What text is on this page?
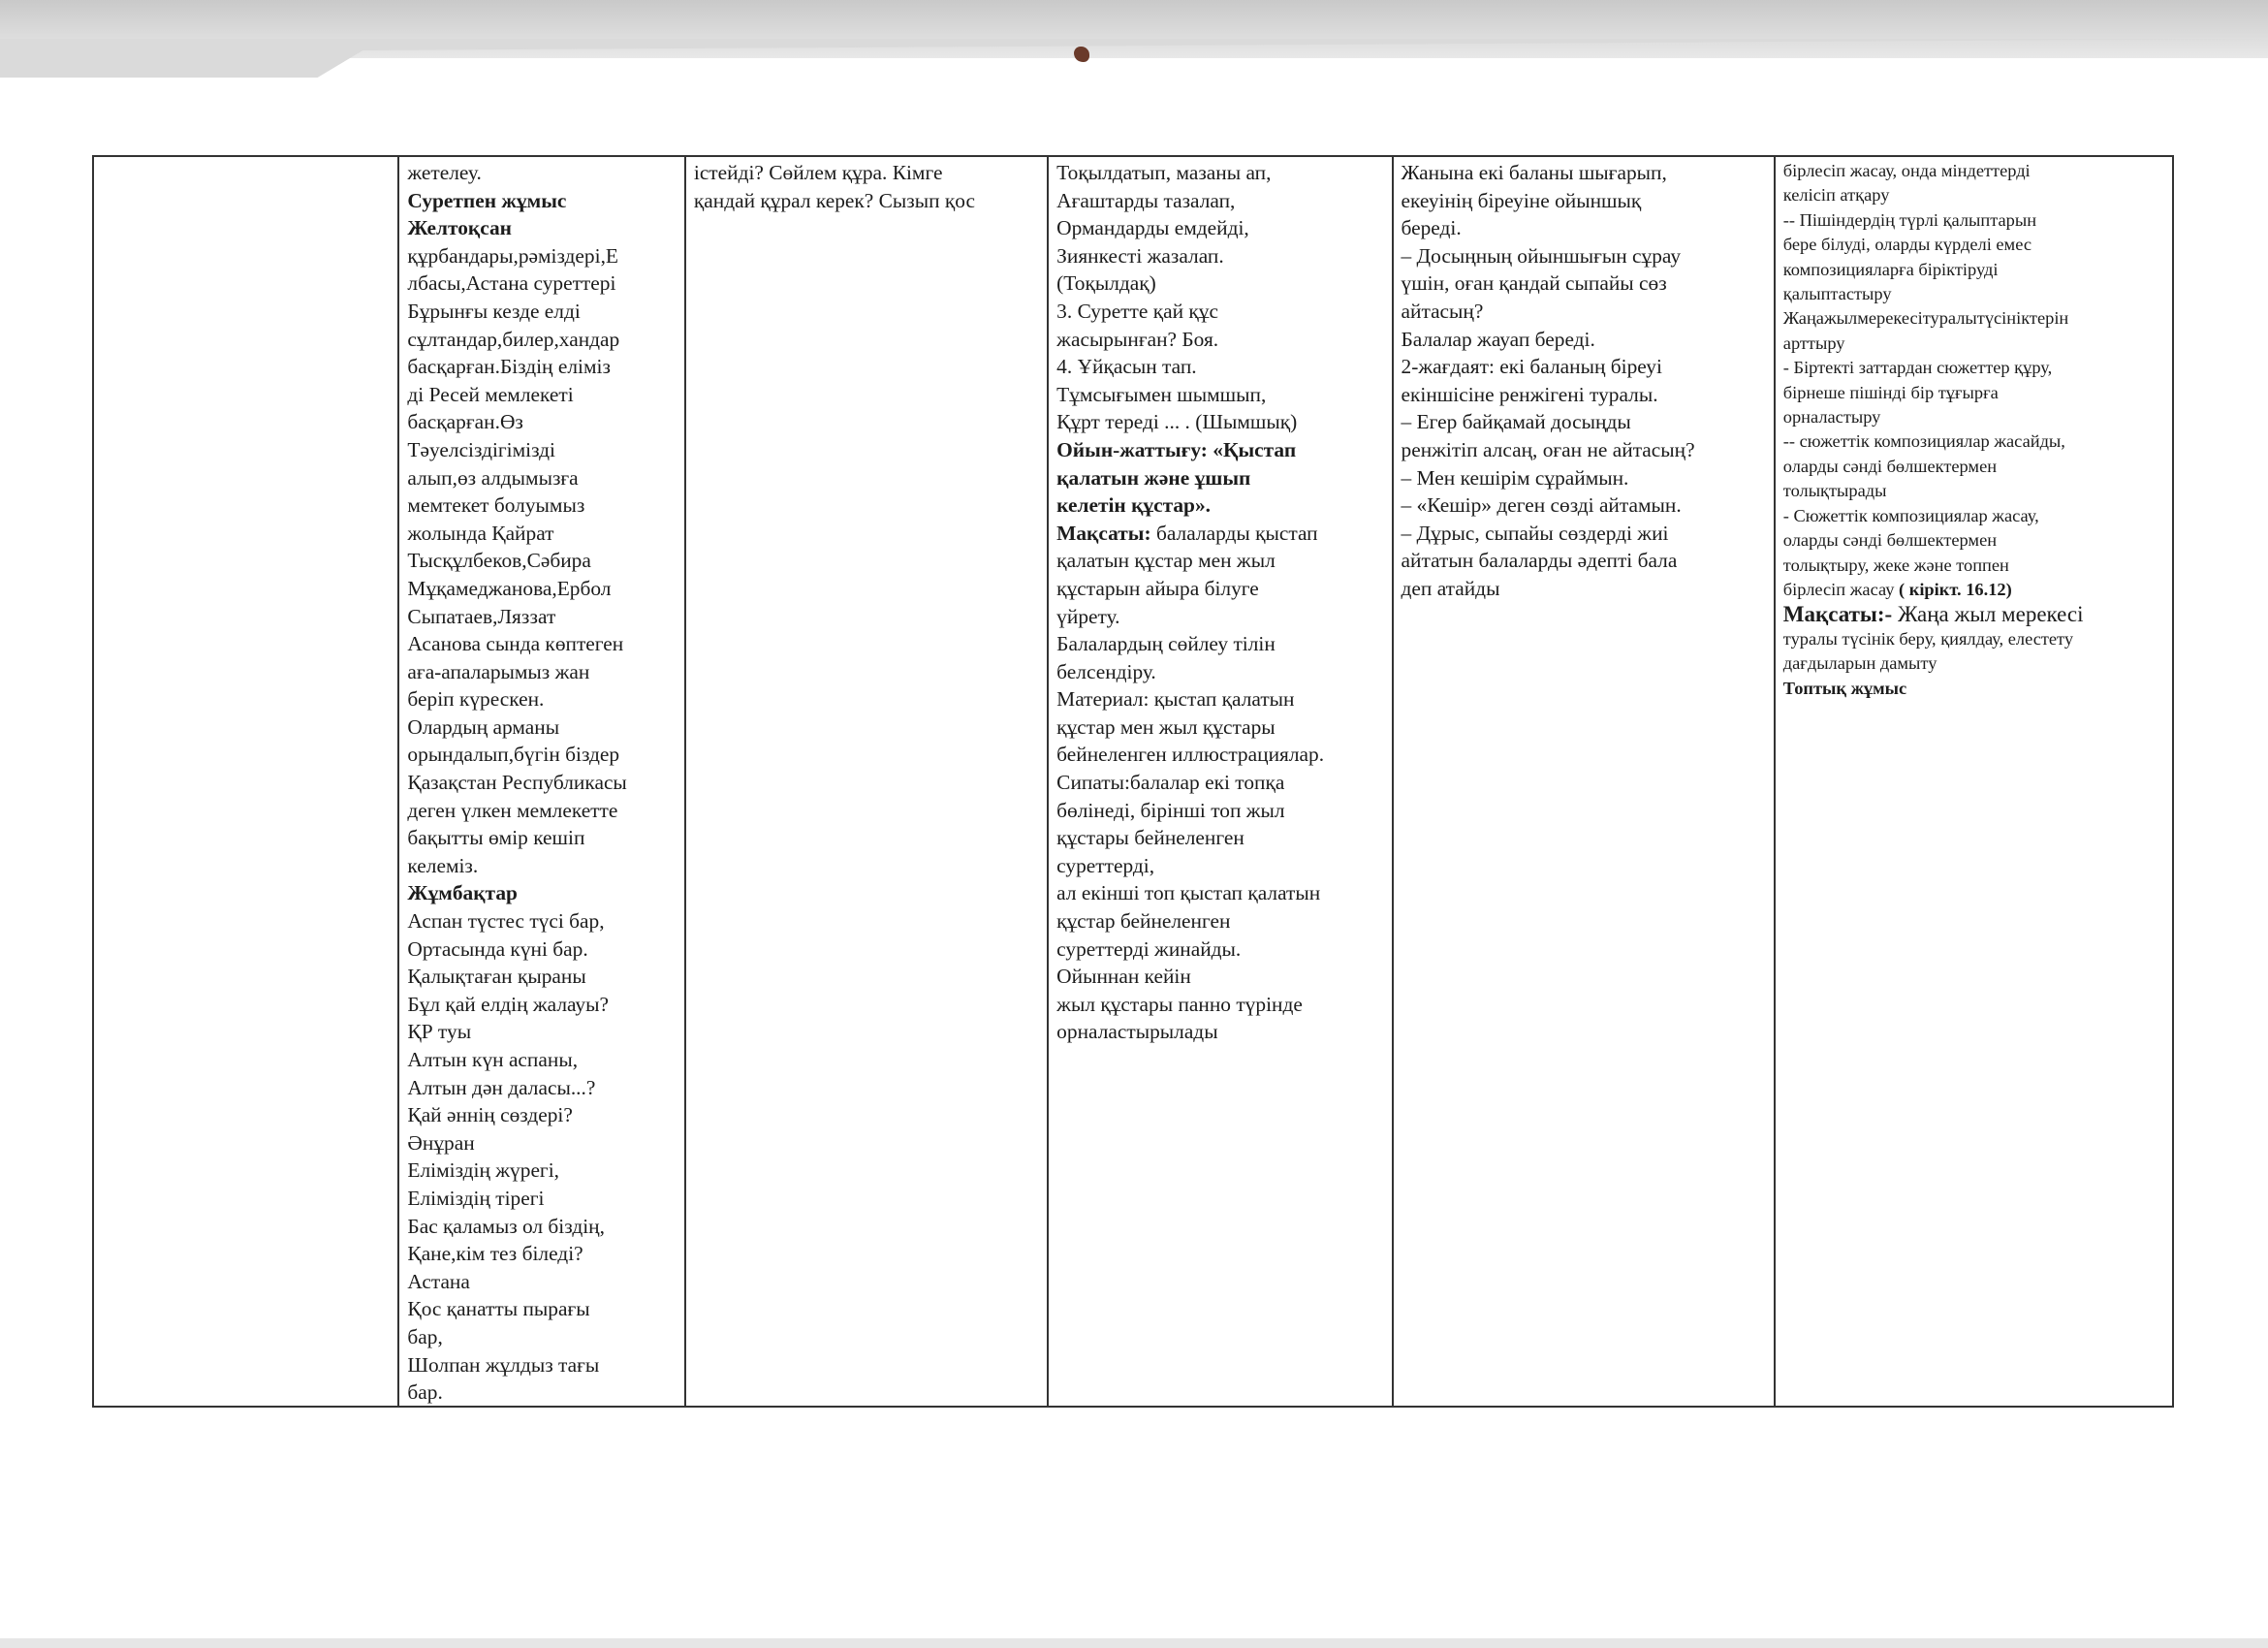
жетелеу.
Суретпен жұмыс
Желтоқсан
құрбандары,рәміздері,Е
лбасы,Астана суреттері
Бұрынғы кезде елді
сұлтандар,билер,хандар
басқарған.Біздің еліміз
ді Ресей мемлекеті
басқарған.Өз
Тәуелсіздігімізді
алып,өз алдымызға
мемтекет болуымыз
жолында Қайрат
Тысқұлбеков,Сәбира
Мұқамеджанова,Ербол
Сыпатаев,Ляззат
Асанова сында көптеген
аға-апаларымыз жан
беріп күрескен.
Олардың арманы
орындалып,бүгін біздер
Қазақстан Республикасы
деген үлкен мемлекетте
бақытты өмір кешіп
келеміз.
Жұмбақтар
Аспан түстес түсі бар,
Ортасында күні бар.
Қалықтаған қыраны
Бұл қай елдің жалауы?
ҚР туы
Алтын күн аспаны,
Алтын дән даласы...?
Қай әннің сөздері?
Әнұран
Еліміздің жүрегі,
Еліміздің тірегі
Бас қаламыз ол біздің,
Қане,кім тез біледі?
Астана
Қос қанатты пырағы
бар,
Шолпан жұлдыз тағы
бар.
істейді? Сөйлем құра. Кімге
қандай құрал керек? Сызып қос
Тоқылдатып, мазаны ап,
Ағаштарды тазалап,
Ормандарды емдейді,
Зиянкесті жазалап.
(Тоқылдақ)
3. Суретте қай құс
жасырынған? Боя.
4. Ұйқасын тап.
Тұмсығымен шымшып,
Құрт тереді ... . (Шымшық)
Ойын-жаттығу: «Қыстап
қалатын және ұшып
келетін құстар».
Мақсаты: балаларды қыстап
қалатын құстар мен жыл
құстарын айыра білуге
үйрету.
Балалардың сөйлеу тілін
белсендіру.
Материал: қыстап қалатын
құстар мен жыл құстары
бейнеленген иллюстрациялар.
Сипаты:балалар екі топқа
бөлінеді, бірінші топ жыл
құстары бейнеленген
суреттерді,
ал екінші топ қыстап қалатын
құстар бейнеленген
суреттерді жинайды.
Ойыннан кейін
жыл құстары панно түрінде
орналастырылады
Жанына екі баланы шығарып,
екеуінің біреуіне ойыншық
береді.
– Досыңның ойыншығын сұрау
үшін, оған қандай сыпайы сөз
айтасың?
Балалар жауап береді.
2-жағдаят: екі баланың біреуі
екіншісіне ренжігені туралы.
– Егер байқамай досыңды
ренжітіп алсаң, оған не айтасың?
– Мен кешірім сұраймын.
– «Кешір» деген сөзді айтамын.
– Дұрыс, сыпайы сөздерді жиі
айтатын балаларды әдепті бала
деп атайды
бірлесіп жасау, онда міндеттерді
келісіп атқару
-- Пішіндердің түрлі қалыптарын
бере білуді, оларды күрделі емес
композицияларға біріктіруді
қалыптастыру
Жаңажылмерекесітуралытүсініктерін
арттыру
- Біртекті заттардан сюжеттер құру,
бірнеше пішінді бір тұғырға
орналастыру
-- сюжеттік композициялар жасайды,
оларды сәнді бөлшектермен
толықтырады
- Сюжеттік композициялар жасау,
оларды сәнді бөлшектермен
толықтыру, жеке және топпен
бірлесіп жасау ( кірікт. 16.12)
Мақсаты:- Жаңа жыл мерекесі
туралы түсінік беру, қиялдау, елестету
дағдыларын дамыту
Топтық жұмыс
